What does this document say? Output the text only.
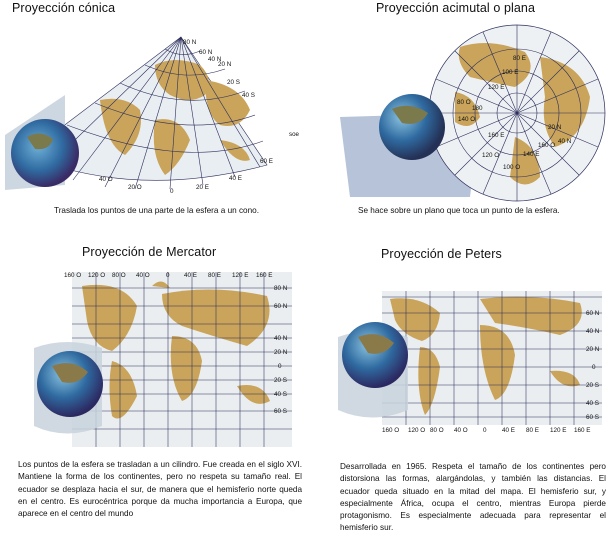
Proyección cónica
80 N
60 N
40 N
20 N
20 S
40 S
60 E
40 E
20 E
0
20 O
40 O
soe
Traslada los puntos de una parte de la esfera a un cono.
Proyección acimutal o plana
80 O
140 O
180
160 E
120 E
100 E
80 E
120 O
100 O
140 E
160 O
20 N
40 N
Se hace sobre un plano que toca un punto de la esfera.
Proyección de Mercator
160 O 120 O 80 O 40 O	0 40 E 80 E 120 E 160 E
80 N
60 N
40 N
20 N
0
20 S
40 S
60 S
Los puntos de la esfera se trasladan a un cilindro. Fue creada en el siglo XVI. Mantiene la forma de los continentes, pero no respeta su tamaño real. El ecuador se desplaza hacia el sur, de manera que el hemisferio norte queda en el centro. Es eurocéntrica porque da mucha importancia a Europa, que aparece en el centro del mundo
Proyección de Peters
60 N
40 N
20 N
0
20 S
40 S
60 S
160 O 120 O 80 O 40 O 0 40 E 80 E 120 E 160 E
Desarrollada en 1965. Respeta el tamaño de los continentes pero distorsiona las formas, alargándolas, y también las distancias. El ecuador queda situado en la mitad del mapa. El hemisferio sur, y especialmente África, ocupa el centro, mientras Europa pierde protagonismo. Es especialmente adecuada para representar el hemisferio sur.
